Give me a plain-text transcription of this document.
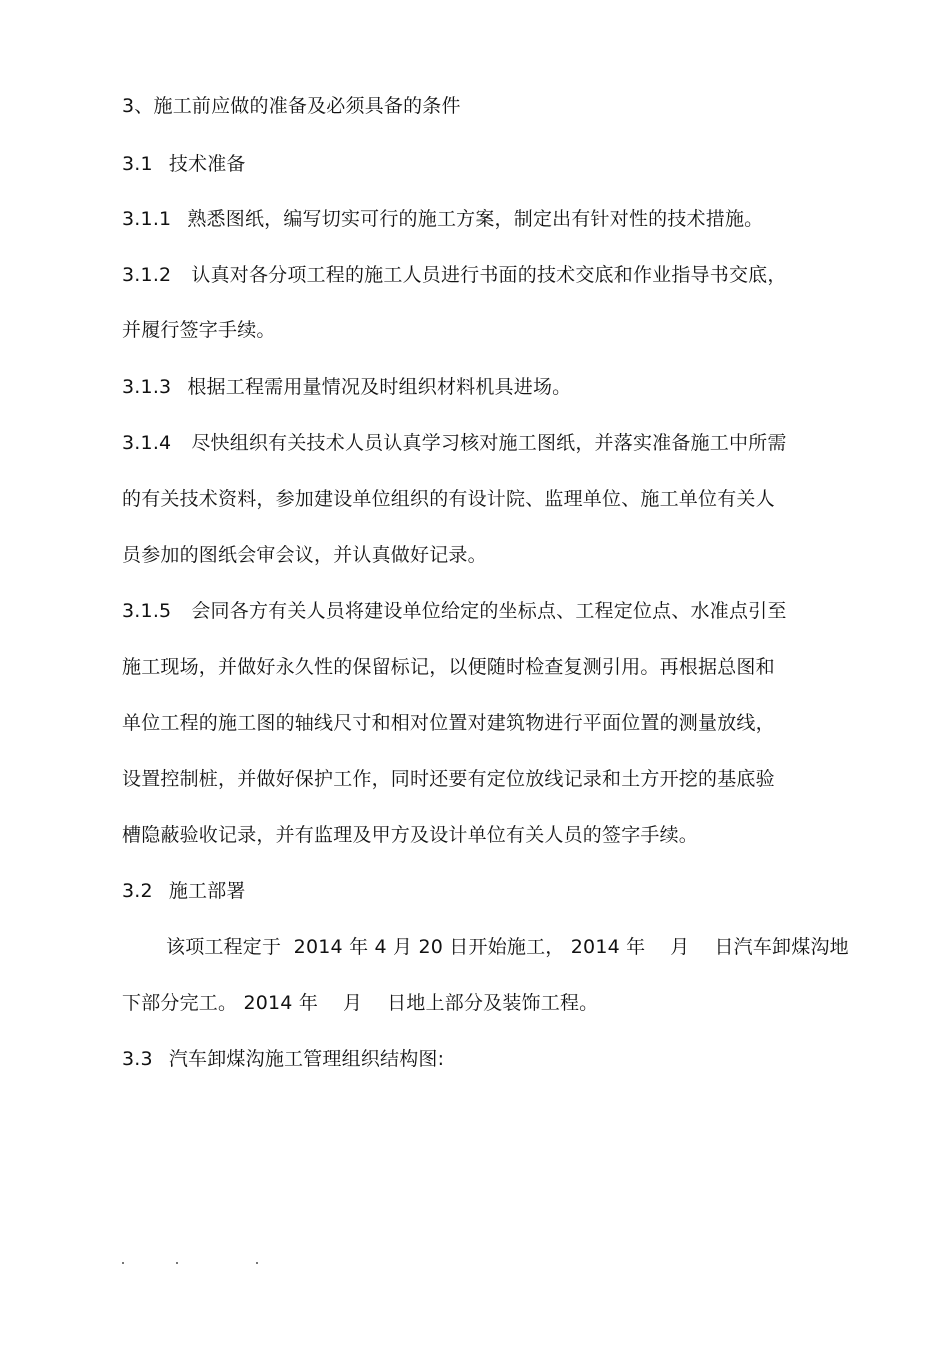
3、施工前应做的准备及必须具备的条件
3.1 技术准备
3.1.1 熟悉图纸，编写切实可行的施工方案，制定出有针对性的技术措施。
3.1.2 认真对各分项工程的施工人员进行书面的技术交底和作业指导书交底，
并履行签字手续。
3.1.3 根据工程需用量情况及时组织材料机具进场。
3.1.4 尽快组织有关技术人员认真学习核对施工图纸，并落实准备施工中所需
的有关技术资料，参加建设单位组织的有设计院、监理单位、施工单位有关人
员参加的图纸会审会议，并认真做好记录。
3.1.5 会同各方有关人员将建设单位给定的坐标点、工程定位点、水准点引至
施工现场，并做好永久性的保留标记，以便随时检查复测引用。再根据总图和
单位工程的施工图的轴线尺寸和相对位置对建筑物进行平面位置的测量放线，
设置控制桩，并做好保护工作，同时还要有定位放线记录和土方开挖的基底验
槽隐蔽验收记录，并有监理及甲方及设计单位有关人员的签字手续。
3.2 施工部署
该项工程定于  2014 年 4 月 20 日开始施工， 2014 年    月    日汽车卸煤沟地
下部分完工。 2014 年    月    日地上部分及装饰工程。
3.3 汽车卸煤沟施工管理组织结构图:
